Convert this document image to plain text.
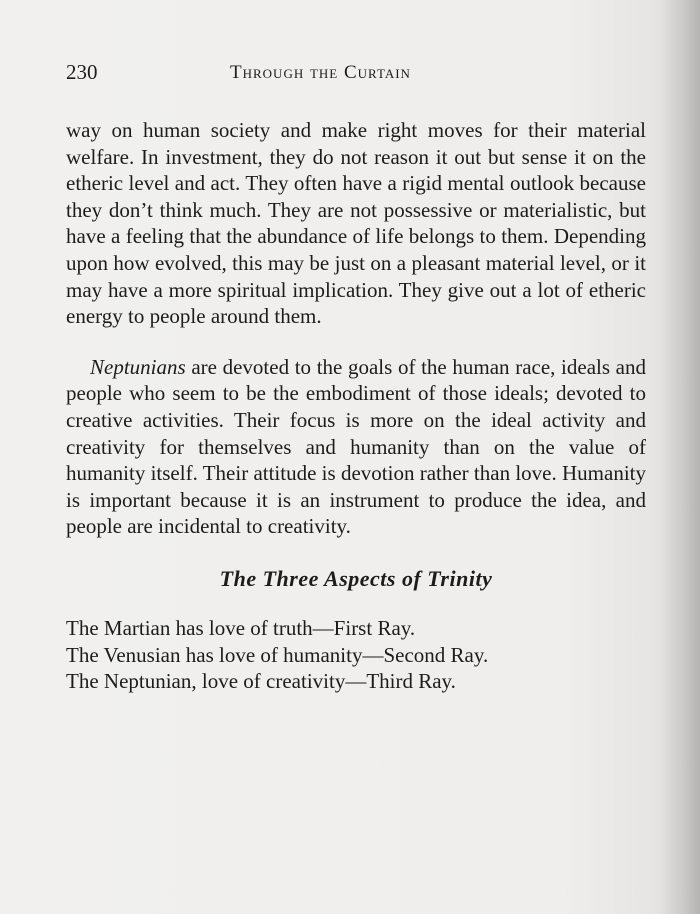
230	Through the Curtain

way on human society and make right moves for their material welfare. In investment, they do not reason it out but sense it on the etheric level and act. They often have a rigid mental outlook because they don’t think much. They are not possessive or materialistic, but have a feeling that the abundance of life belongs to them. Depending upon how evolved, this may be just on a pleasant material level, or it may have a more spiritual implication. They give out a lot of etheric energy to people around them.

Neptunians are devoted to the goals of the human race, ideals and people who seem to be the embodiment of those ideals; devoted to creative activities. Their focus is more on the ideal activity and creativity for themselves and humanity than on the value of humanity itself. Their attitude is devotion rather than love. Humanity is important because it is an instrument to produce the idea, and people are incidental to creativity.

The Three Aspects of Trinity
The Martian has love of truth—First Ray.
The Venusian has love of humanity—Second Ray.
The Neptunian, love of creativity—Third Ray.
